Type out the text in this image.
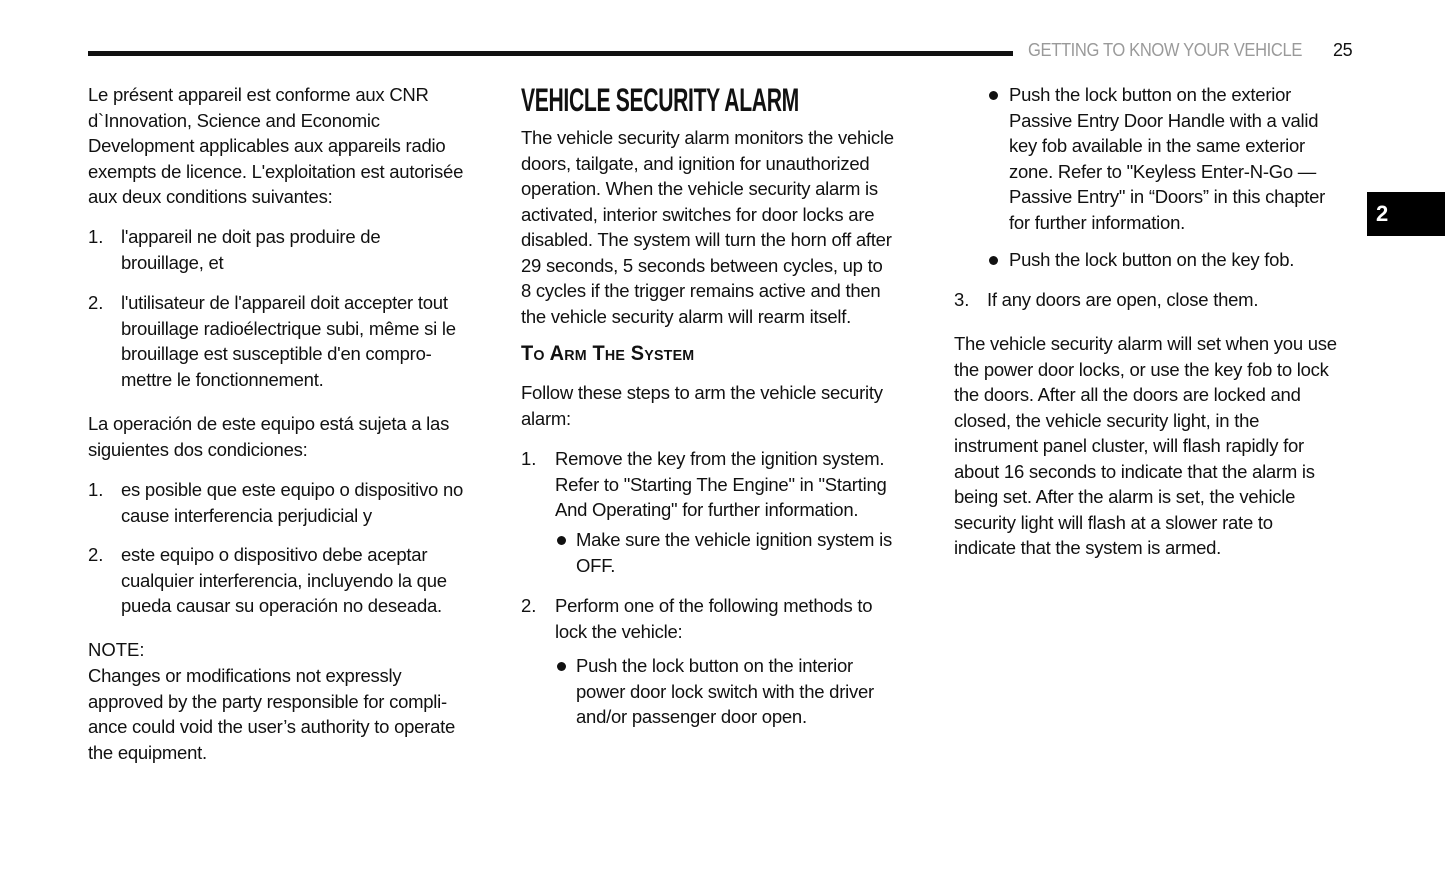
GETTING TO KNOW YOUR VEHICLE 25
2
Le présent appareil est conforme aux CNR
d`Innovation, Science and Economic
Development applicables aux appareils radio
exempts de licence. L'exploitation est autorisée
aux deux conditions suivantes:
1. l'appareil ne doit pas produire de
brouillage, et
2. l'utilisateur de l'appareil doit accepter tout
brouillage radioélectrique subi, même si le
brouillage est susceptible d'en compro-
mettre le fonctionnement.
La operación de este equipo está sujeta a las
siguientes dos condiciones:
1. es posible que este equipo o dispositivo no
cause interferencia perjudicial y
2. este equipo o dispositivo debe aceptar
cualquier interferencia, incluyendo la que
pueda causar su operación no deseada.
NOTE:
Changes or modifications not expressly
approved by the party responsible for compli-
ance could void the user’s authority to operate
the equipment.
VEHICLE SECURITY ALARM
The vehicle security alarm monitors the vehicle
doors, tailgate, and ignition for unauthorized
operation. When the vehicle security alarm is
activated, interior switches for door locks are
disabled. The system will turn the horn off after
29 seconds, 5 seconds between cycles, up to
8 cycles if the trigger remains active and then
the vehicle security alarm will rearm itself.
To Arm The System
Follow these steps to arm the vehicle security
alarm:
1. Remove the key from the ignition system.
Refer to "Starting The Engine" in "Starting
And Operating" for further information.
Make sure the vehicle ignition system is
OFF.
2. Perform one of the following methods to
lock the vehicle:
Push the lock button on the interior
power door lock switch with the driver
and/or passenger door open.
Push the lock button on the exterior
Passive Entry Door Handle with a valid
key fob available in the same exterior
zone. Refer to "Keyless Enter-N-Go —
Passive Entry" in “Doors” in this chapter
for further information.
Push the lock button on the key fob.
3. If any doors are open, close them.
The vehicle security alarm will set when you use
the power door locks, or use the key fob to lock
the doors. After all the doors are locked and
closed, the vehicle security light, in the
instrument panel cluster, will flash rapidly for
about 16 seconds to indicate that the alarm is
being set. After the alarm is set, the vehicle
security light will flash at a slower rate to
indicate that the system is armed.
